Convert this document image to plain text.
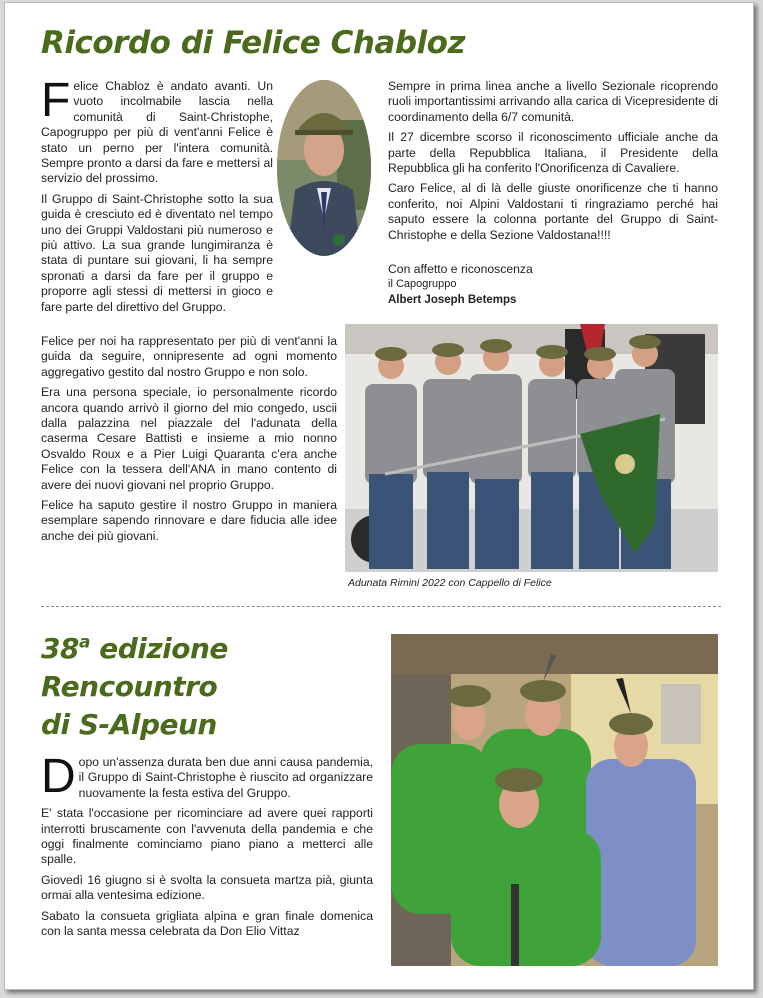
Ricordo di Felice Chabloz

Felice Chabloz è andato avanti. Un vuoto incolmabile lascia nella comunità di Saint-Christophe, Capogruppo per più di vent'anni Felice è stato un perno per l'intera comunità. Sempre pronto a darsi da fare e mettersi al servizio del prossimo.

Il Gruppo di Saint-Christophe sotto la sua guida è cresciuto ed è diventato nel tempo uno dei Gruppi Valdostani più numeroso e più attivo. La sua grande lungimiranza è stata di puntare sui giovani, li ha sempre spronati a darsi da fare per il gruppo e proporre agli stessi di mettersi in gioco e fare parte del direttivo del Gruppo.

Felice per noi ha rappresentato per più di vent'anni la guida da seguire, onnipresente ad ogni momento aggregativo gestito dal nostro Gruppo e non solo.

Era una persona speciale, io personalmente ricordo ancora quando arrivò il giorno del mio congedo, uscii dalla palazzina nel piazzale del l'adunata della caserma Cesare Battisti e insieme a mio nonno Osvaldo Roux e a Pier Luigi Quaranta c'era anche Felice con la tessera dell'ANA in mano contento di avere dei nuovi giovani nel proprio Gruppo.

Felice ha saputo gestire il nostro Gruppo in maniera esemplare sapendo rinnovare e dare fiducia alle idee anche dei più giovani.

Sempre in prima linea anche a livello Sezionale ricoprendo ruoli importantissimi arrivando alla carica di Vicepresidente di coordinamento della 6/7 comunità.

Il 27 dicembre scorso il riconoscimento ufficiale anche da parte della Repubblica Italiana, il Presidente della Repubblica gli ha conferito l'Onorificenza di Cavaliere.

Caro Felice, al di là delle giuste onorificenze che ti hanno conferito, noi Alpini Valdostani ti ringraziamo perché hai saputo essere la colonna portante del Gruppo di Saint-Christophe e della Sezione Valdostana!!!!

Con affetto e riconoscenza
il Capogruppo
Albert Joseph Betemps
Adunata Rimini 2022 con Cappello di Felice
38$^a$ edizione
Rencountro
di S-Alpeun

Dopo un'assenza durata ben due anni causa pandemia, il Gruppo di Saint-Christophe è riuscito ad organizzare nuovamente la festa estiva del Gruppo.

E' stata l'occasione per ricominciare ad avere quei rapporti interrotti bruscamente con l'avvenuta della pandemia e che oggi finalmente cominciamo piano piano a metterci alle spalle.

Giovedì 16 giugno si è svolta la consueta martza pià, giunta ormai alla ventesima edizione.

Sabato la consueta grigliata alpina e gran finale domenica con la santa messa celebrata da Don Elio Vittaz
